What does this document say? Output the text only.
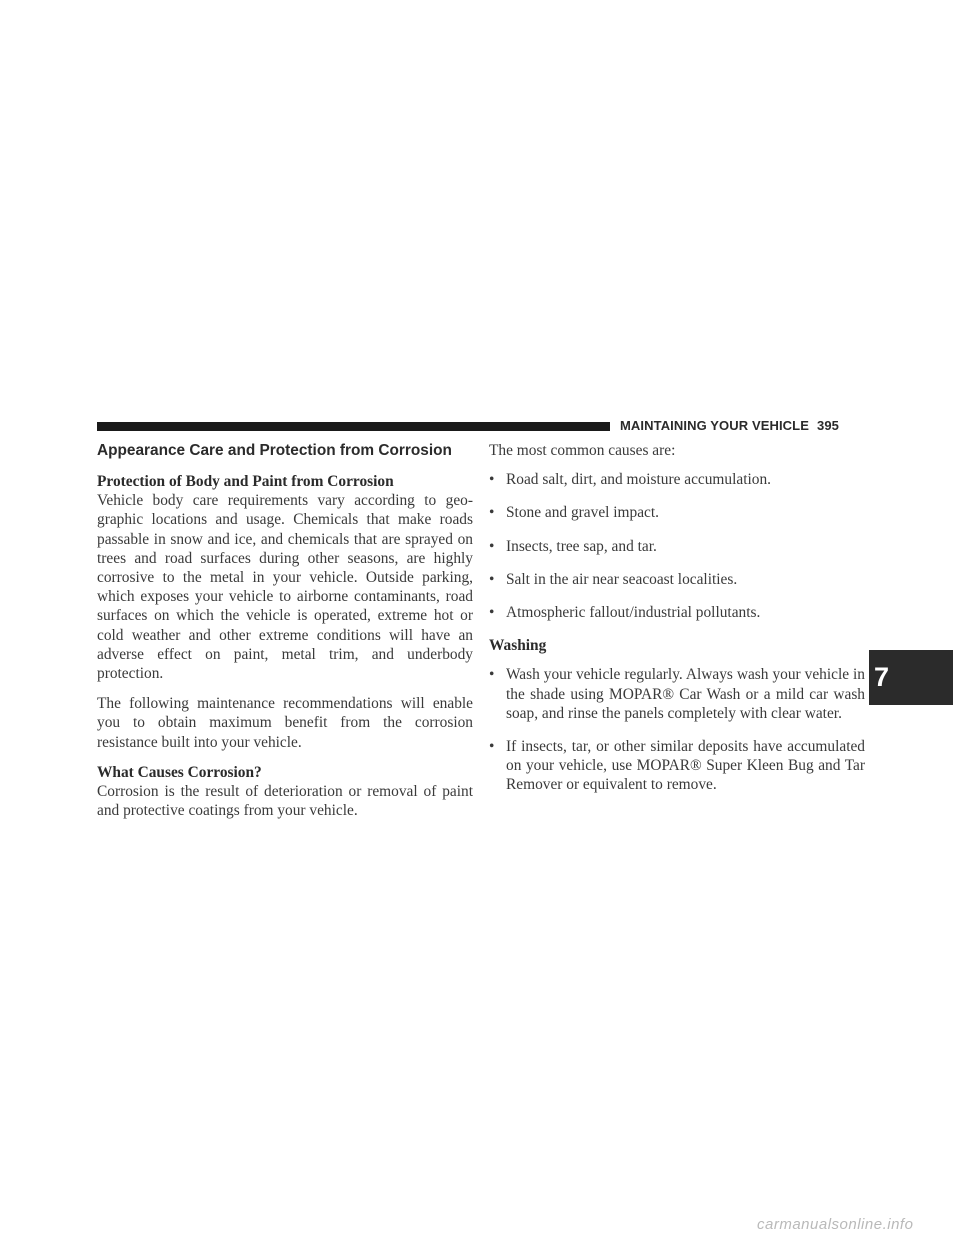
MAINTAINING YOUR VEHICLE 395
Appearance Care and Protection from Corrosion
Protection of Body and Paint from Corrosion

Vehicle body care requirements vary according to geographic locations and usage. Chemicals that make roads passable in snow and ice, and chemicals that are sprayed on trees and road surfaces during other seasons, are highly corrosive to the metal in your vehicle. Outside parking, which exposes your vehicle to airborne contaminants, road surfaces on which the vehicle is operated, extreme hot or cold weather and other extreme conditions will have an adverse effect on paint, metal trim, and underbody protection.

The following maintenance recommendations will enable you to obtain maximum benefit from the corrosion resistance built into your vehicle.

What Causes Corrosion?

Corrosion is the result of deterioration or removal of paint and protective coatings from your vehicle.

The most common causes are:

• Road salt, dirt, and moisture accumulation.
• Stone and gravel impact.
• Insects, tree sap, and tar.
• Salt in the air near seacoast localities.
• Atmospheric fallout/industrial pollutants.
Washing
• Wash your vehicle regularly. Always wash your vehicle in the shade using MOPAR® Car Wash or a mild car wash soap, and rinse the panels completely with clear water.
• If insects, tar, or other similar deposits have accumulated on your vehicle, use MOPAR® Super Kleen Bug and Tar Remover or equivalent to remove.
7
carmanualsonline.info
